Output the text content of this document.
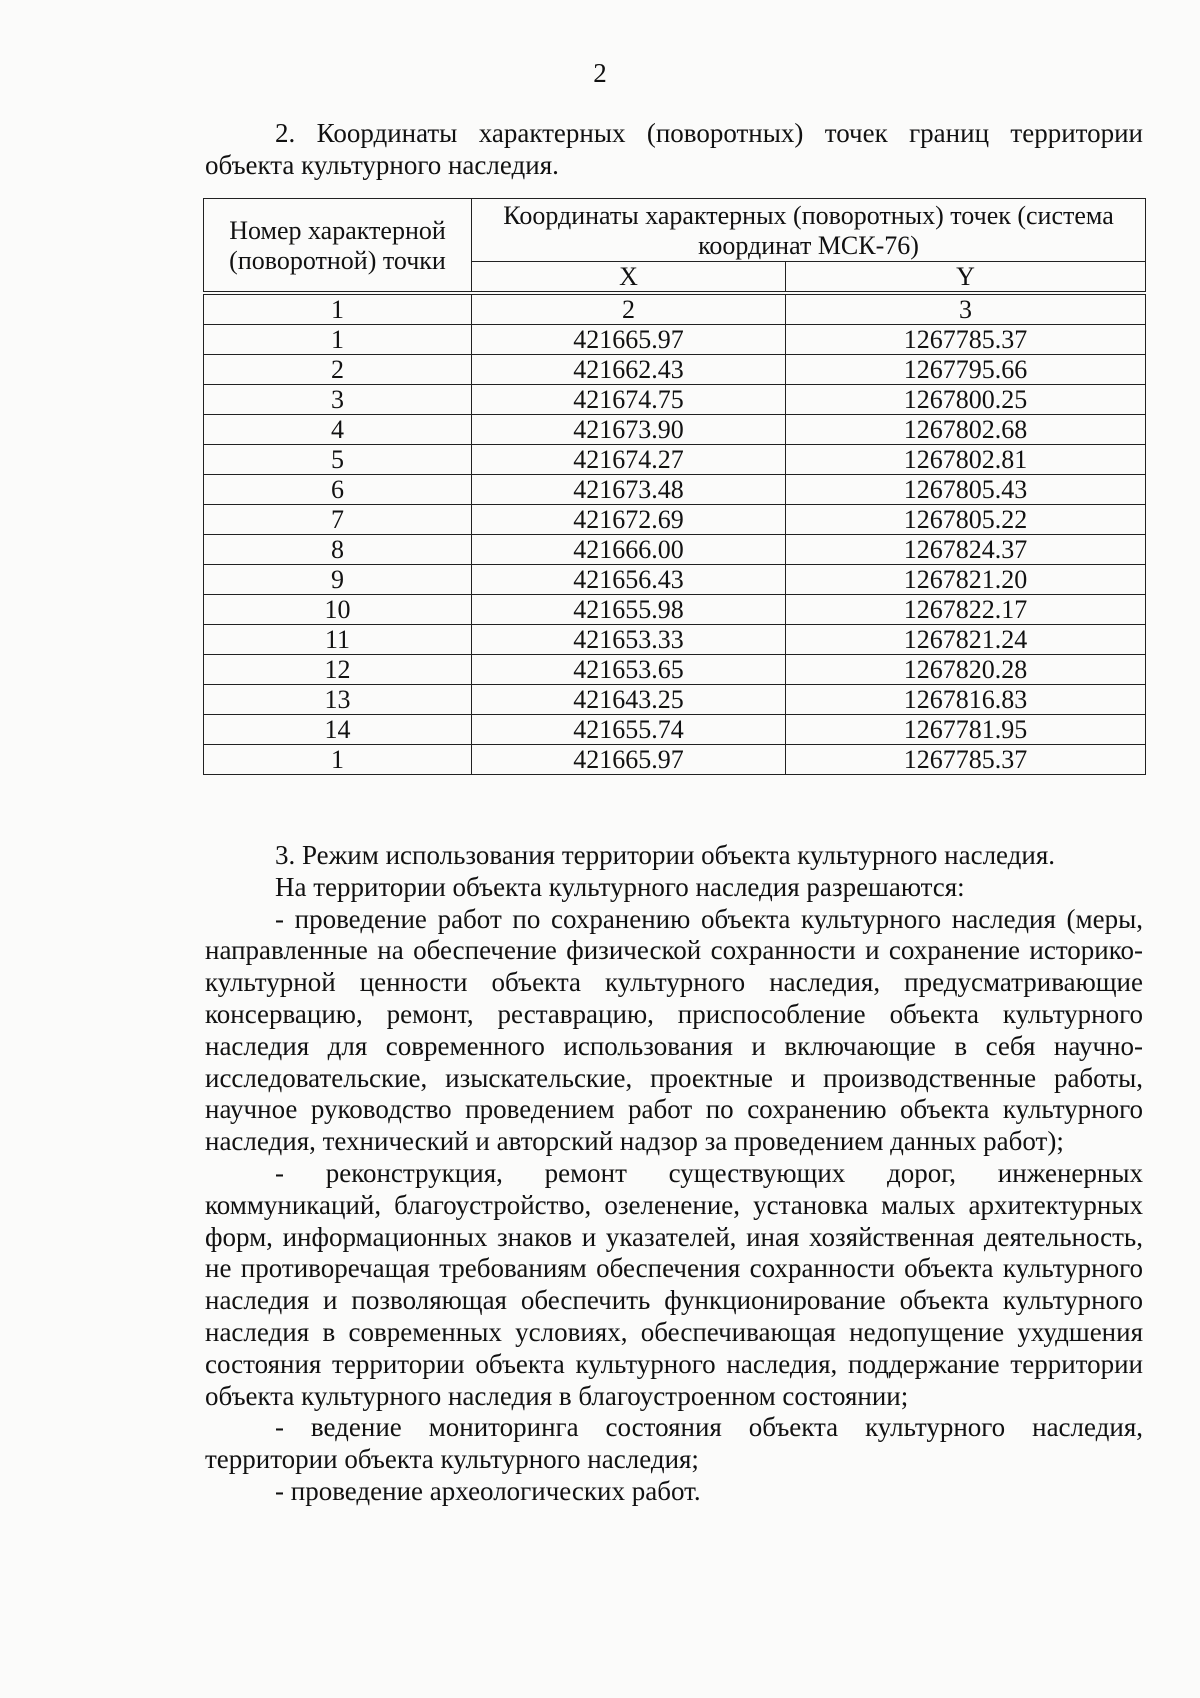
2

2. Координаты характерных (поворотных) точек границ территории объекта культурного наследия.

Номер характерной (поворотной) точки	Координаты характерных (поворотных) точек (система координат МСК-76)	
	X	Y
1	2	3
1	421665.97	1267785.37
2	421662.43	1267795.66
3	421674.75	1267800.25
4	421673.90	1267802.68
5	421674.27	1267802.81
6	421673.48	1267805.43
7	421672.69	1267805.22
8	421666.00	1267824.37
9	421656.43	1267821.20
10	421655.98	1267822.17
11	421653.33	1267821.24
12	421653.65	1267820.28
13	421643.25	1267816.83
14	421655.74	1267781.95
1	421665.97	1267785.37

3. Режим использования территории объекта культурного наследия.

На территории объекта культурного наследия разрешаются:

- проведение работ по сохранению объекта культурного наследия (меры, направленные на обеспечение физической сохранности и сохранение историко-культурной ценности объекта культурного наследия, предусматривающие консервацию, ремонт, реставрацию, приспособление объекта культурного наследия для современного использования и включающие в себя научно-исследовательские, изыскательские, проектные и производственные работы, научное руководство проведением работ по сохранению объекта культурного наследия, технический и авторский надзор за проведением данных работ);

- реконструкция, ремонт существующих дорог, инженерных коммуникаций, благоустройство, озеленение, установка малых архитектурных форм, информационных знаков и указателей, иная хозяйственная деятельность, не противоречащая требованиям обеспечения сохранности объекта культурного наследия и позволяющая обеспечить функционирование объекта культурного наследия в современных условиях, обеспечивающая недопущение ухудшения состояния территории объекта культурного наследия, поддержание территории объекта культурного наследия в благоустроенном состоянии;

- ведение мониторинга состояния объекта культурного наследия, территории объекта культурного наследия;

- проведение археологических работ.
